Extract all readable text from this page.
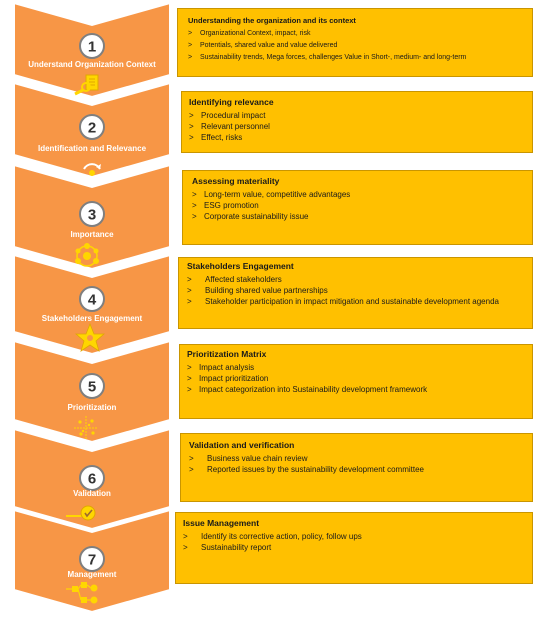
1
2
3
4
5
6
7
Understand Organization Context
Identification and Relevance
Importance
Stakeholders Engagement
Prioritization
Validation
Management
Understanding the organization and its context
>	Organizational Context, impact, risk
>	Potentials, shared value and value delivered
>	Sustainability trends, Mega forces, challenges Value in Short-, medium- and long-term
Identifying relevance
> Procedural impact
> Relevant personnel
> Effect, risks
Assessing materiality
> Long-term value, competitive advantages
> ESG promotion
> Corporate sustainability issue
Stakeholders Engagement
>	Affected stakeholders
>	Building shared value partnerships
>	Stakeholder participation in impact mitigation and sustainable development agenda
Prioritization Matrix
> Impact analysis
> Impact prioritization
> Impact categorization into Sustainability development framework
Validation and verification
>	Business value chain review
>	Reported issues by the sustainability development committee
Issue Management
>	Identify its corrective action, policy, follow ups
>	Sustainability report
